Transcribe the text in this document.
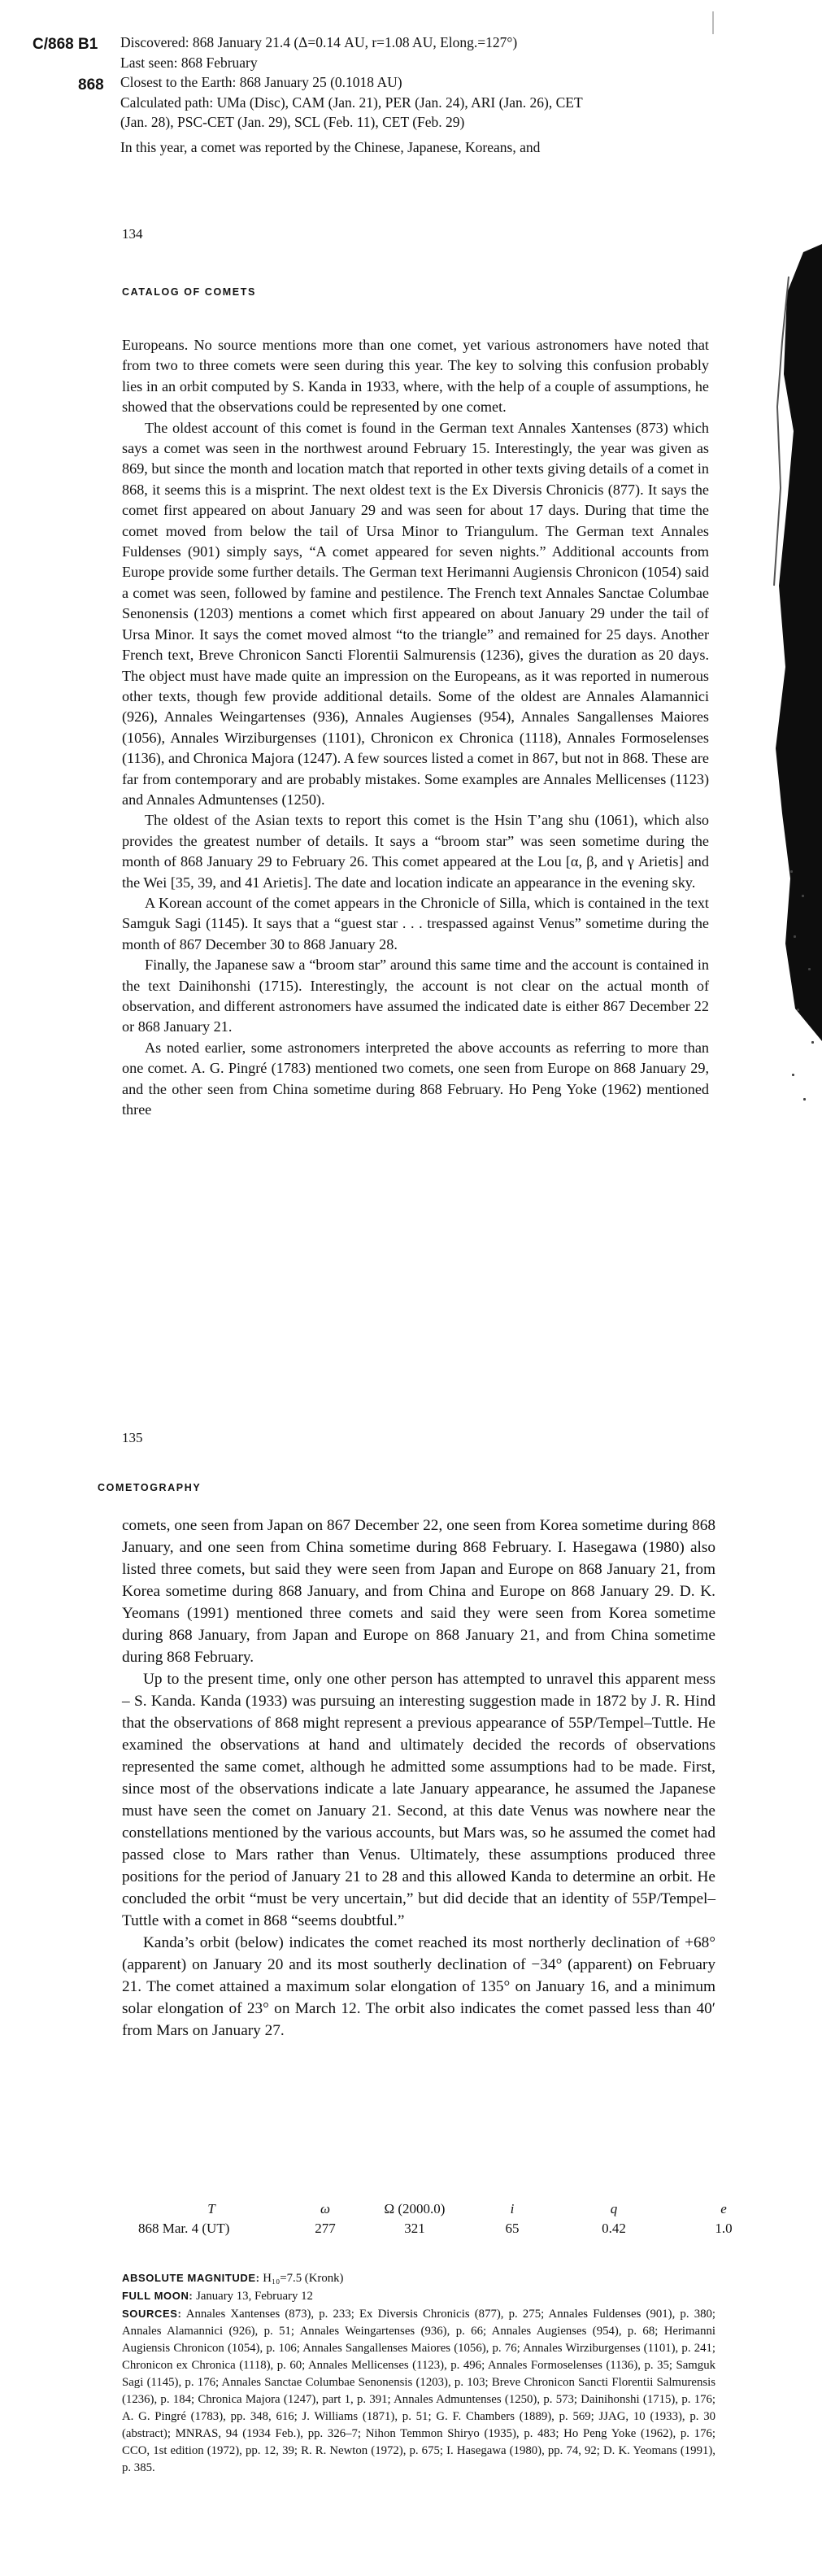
C/868 B1
868
Discovered: 868 January 21.4 (Δ=0.14 AU, r=1.08 AU, Elong.=127°)
Last seen: 868 February
Closest to the Earth: 868 January 25 (0.1018 AU)
Calculated path: UMa (Disc), CAM (Jan. 21), PER (Jan. 24), ARI (Jan. 26), CET
(Jan. 28), PSC-CET (Jan. 29), SCL (Feb. 11), CET (Feb. 29)
In this year, a comet was reported by the Chinese, Japanese, Koreans, and
134
CATALOG OF COMETS

Europeans. No source mentions more than one comet, yet various astronomers have noted that from two to three comets were seen during this year. The key to solving this confusion probably lies in an orbit computed by S. Kanda in 1933, where, with the help of a couple of assumptions, he showed that the observations could be represented by one comet.

The oldest account of this comet is found in the German text Annales Xantenses (873) which says a comet was seen in the northwest around February 15. Interestingly, the year was given as 869, but since the month and location match that reported in other texts giving details of a comet in 868, it seems this is a misprint. The next oldest text is the Ex Diversis Chronicis (877). It says the comet first appeared on about January 29 and was seen for about 17 days. During that time the comet moved from below the tail of Ursa Minor to Triangulum. The German text Annales Fuldenses (901) simply says, “A comet appeared for seven nights.” Additional accounts from Europe provide some further details. The German text Herimanni Augiensis Chronicon (1054) said a comet was seen, followed by famine and pestilence. The French text Annales Sanctae Columbae Senonensis (1203) mentions a comet which first appeared on about January 29 under the tail of Ursa Minor. It says the comet moved almost “to the triangle” and remained for 25 days. Another French text, Breve Chronicon Sancti Florentii Salmurensis (1236), gives the duration as 20 days. The object must have made quite an impression on the Europeans, as it was reported in numerous other texts, though few provide additional details. Some of the oldest are Annales Alamannici (926), Annales Weingartenses (936), Annales Augienses (954), Annales Sangallenses Maiores (1056), Annales Wirziburgenses (1101), Chronicon ex Chronica (1118), Annales Formoselenses (1136), and Chronica Majora (1247). A few sources listed a comet in 867, but not in 868. These are far from contemporary and are probably mistakes. Some examples are Annales Mellicenses (1123) and Annales Admuntenses (1250).

The oldest of the Asian texts to report this comet is the Hsin T’ang shu (1061), which also provides the greatest number of details. It says a “broom star” was seen sometime during the month of 868 January 29 to February 26. This comet appeared at the Lou [α, β, and γ Arietis] and the Wei [35, 39, and 41 Arietis]. The date and location indicate an appearance in the evening sky.

A Korean account of the comet appears in the Chronicle of Silla, which is contained in the text Samguk Sagi (1145). It says that a “guest star . . . trespassed against Venus” sometime during the month of 867 December 30 to 868 January 28.

Finally, the Japanese saw a “broom star” around this same time and the account is contained in the text Dainihonshi (1715). Interestingly, the account is not clear on the actual month of observation, and different astronomers have assumed the indicated date is either 867 December 22 or 868 January 21.

As noted earlier, some astronomers interpreted the above accounts as referring to more than one comet. A. G. Pingré (1783) mentioned two comets, one seen from Europe on 868 January 29, and the other seen from China sometime during 868 February. Ho Peng Yoke (1962) mentioned three

135
COMETOGRAPHY

comets, one seen from Japan on 867 December 22, one seen from Korea sometime during 868 January, and one seen from China sometime during 868 February. I. Hasegawa (1980) also listed three comets, but said they were seen from Japan and Europe on 868 January 21, from Korea sometime during 868 January, and from China and Europe on 868 January 29. D. K. Yeomans (1991) mentioned three comets and said they were seen from Korea sometime during 868 January, from Japan and Europe on 868 January 21, and from China sometime during 868 February.

Up to the present time, only one other person has attempted to unravel this apparent mess – S. Kanda. Kanda (1933) was pursuing an interesting suggestion made in 1872 by J. R. Hind that the observations of 868 might represent a previous appearance of 55P/Tempel–Tuttle. He examined the observations at hand and ultimately decided the records of observations represented the same comet, although he admitted some assumptions had to be made. First, since most of the observations indicate a late January appearance, he assumed the Japanese must have seen the comet on January 21. Second, at this date Venus was nowhere near the constellations mentioned by the various accounts, but Mars was, so he assumed the comet had passed close to Mars rather than Venus. Ultimately, these assumptions produced three positions for the period of January 21 to 28 and this allowed Kanda to determine an orbit. He concluded the orbit “must be very uncertain,” but did decide that an identity of 55P/Tempel–Tuttle with a comet in 868 “seems doubtful.”

Kanda’s orbit (below) indicates the comet reached its most northerly declination of +68° (apparent) on January 20 and its most southerly declination of −34° (apparent) on February 21. The comet attained a maximum solar elongation of 135° on January 16, and a minimum solar elongation of 23° on March 12. The orbit also indicates the comet passed less than 40′ from Mars on January 27.

T	ω	Ω (2000.0)	i	q	e
868 Mar. 4 (UT)	277	321	65	0.42	1.0

ABSOLUTE MAGNITUDE: H₁₀=7.5 (Kronk)

FULL MOON: January 13, February 12

SOURCES: Annales Xantenses (873), p. 233; Ex Diversis Chronicis (877), p. 275; Annales Fuldenses (901), p. 380; Annales Alamannici (926), p. 51; Annales Weingartenses (936), p. 66; Annales Augienses (954), p. 68; Herimanni Augiensis Chronicon (1054), p. 106; Annales Sangallenses Maiores (1056), p. 76; Annales Wirziburgenses (1101), p. 241; Chronicon ex Chronica (1118), p. 60; Annales Mellicenses (1123), p. 496; Annales Formoselenses (1136), p. 35; Samguk Sagi (1145), p. 176; Annales Sanctae Columbae Senonensis (1203), p. 103; Breve Chronicon Sancti Florentii Salmurensis (1236), p. 184; Chronica Majora (1247), part 1, p. 391; Annales Admuntenses (1250), p. 573; Dainihonshi (1715), p. 176; A. G. Pingré (1783), pp. 348, 616; J. Williams (1871), p. 51; G. F. Chambers (1889), p. 569; JJAG, 10 (1933), p. 30 (abstract); MNRAS, 94 (1934 Feb.), pp. 326–7; Nihon Temmon Shiryo (1935), p. 483; Ho Peng Yoke (1962), p. 176; CCO, 1st edition (1972), pp. 12, 39; R. R. Newton (1972), p. 675; I. Hasegawa (1980), pp. 74, 92; D. K. Yeomans (1991), p. 385.
